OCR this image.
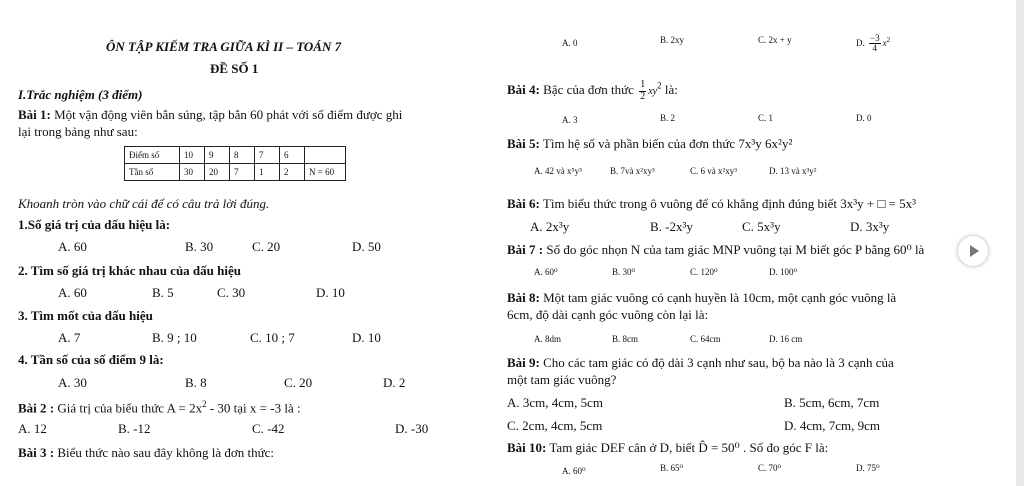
ÔN TẬP KIỂM TRA GIỮA KÌ II – TOÁN 7
ĐỀ SỐ 1
I.Trắc nghiệm (3 điểm)
Bài 1: Một vận động viên bắn súng, tập bắn 60 phát với số điểm được ghi
lại trong bảng như sau:
Điểm số	10	9	8	7	6	
Tần số	30	20	7	1	2	N = 60
Khoanh tròn vào chữ cái để có câu trả lời đúng.
1.Số giá trị của dấu hiệu là:
A. 60	B. 30	C. 20	D. 50
2. Tìm số giá trị khác nhau của dấu hiệu
A. 60	B. 5	C. 30	D. 10
3. Tìm mốt của dấu hiệu
A. 7	B. 9 ; 10	C. 10 ; 7	D. 10
4. Tần số của số điểm 9 là:
A. 30	B. 8	C. 20	D. 2
Bài 2 : Giá trị của biểu thức $A = 2x^2 - 30$ tại x = -3 là :
A. 12	B. -12	C. -42	D. -30
Bài 3 : Biểu thức nào sau đây không là đơn thức:
A. 0	B. 2xy	C. 2x + y	D. $\frac{-3}{4} x^2$
Bài 4: Bậc của đơn thức $\frac{1}{2} xy^2$ là:
A. 3	B. 2	C. 1	D. 0
Bài 5: Tìm hệ số và phần biến của đơn thức 7x³y 6x²y²
A. 42 và x⁵y³	B. 7và x²xy³	C. 6 và x²xy³	D. 13 và x³y²
Bài 6: Tìm biểu thức trong ô vuông để có khẳng định đúng biết 3x³y + □ = 5x³
A. 2x³y	B. -2x³y	C. 5x³y	D. 3x³y
Bài 7 : Số đo góc nhọn N của tam giác MNP vuông tại M biết góc P bằng 60⁰ là
A. 60⁰	B. 30⁰	C. 120⁰	D. 100⁰
Bài 8: Một tam giác vuông có cạnh huyền là 10cm, một cạnh góc vuông là
6cm, độ dài cạnh góc vuông còn lại là:
A. 8dm	B. 8cm	C. 64cm	D. 16 cm
Bài 9: Cho các tam giác có độ dài 3 cạnh như sau, bộ ba nào là 3 cạnh của
một tam giác vuông?
A. 3cm, 4cm, 5cm	B. 5cm, 6cm, 7cm
C. 2cm, 4cm, 5cm	D. 4cm, 7cm, 9cm
Bài 10: Tam giác DEF cân ở D, biết D̂ = 50⁰ . Số đo góc F là:
A. 60⁰	B. 65⁰	C. 70⁰	D. 75⁰
